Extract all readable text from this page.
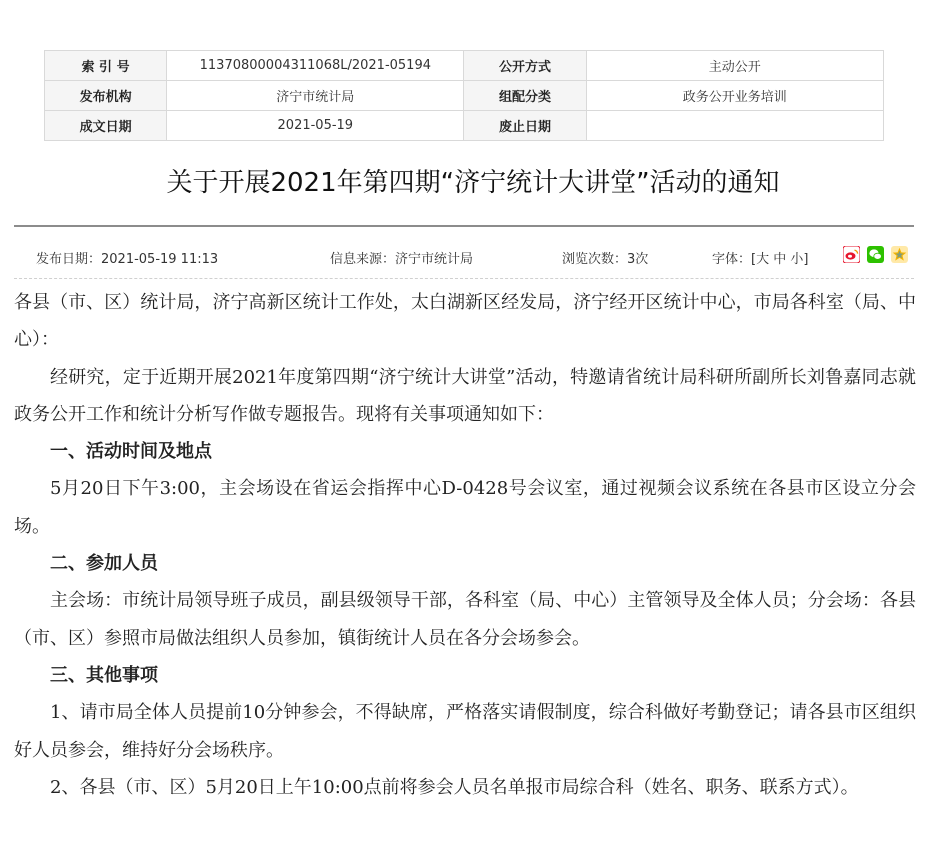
索 引 号	11370800004311068L/2021-05194	公开方式	主动公开
发布机构	济宁市统计局	组配分类	政务公开业务培训
成文日期	2021-05-19	废止日期	
关于开展2021年第四期“济宁统计大讲堂”活动的通知
发布日期：2021-05-19 11:13	信息来源：济宁市统计局	浏览次数：3次	字体：[大 中 小]

各县（市、区）统计局，济宁高新区统计工作处，太白湖新区经发局，济宁经开区统计中心，市局各科室（局、中心）：

经研究，定于近期开展2021年度第四期“济宁统计大讲堂”活动，特邀请省统计局科研所副所长刘鲁嘉同志就政务公开工作和统计分析写作做专题报告。现将有关事项通知如下：

一、活动时间及地点

5月20日下午3:00，主会场设在省运会指挥中心D-0428号会议室，通过视频会议系统在各县市区设立分会场。

二、参加人员

主会场：市统计局领导班子成员，副县级领导干部，各科室（局、中心）主管领导及全体人员；分会场：各县（市、区）参照市局做法组织人员参加，镇街统计人员在各分会场参会。

三、其他事项

1、请市局全体人员提前10分钟参会，不得缺席，严格落实请假制度，综合科做好考勤登记；请各县市区组织好人员参会，维持好分会场秩序。

2、各县（市、区）5月20日上午10:00点前将参会人员名单报市局综合科（姓名、职务、联系方式）。
